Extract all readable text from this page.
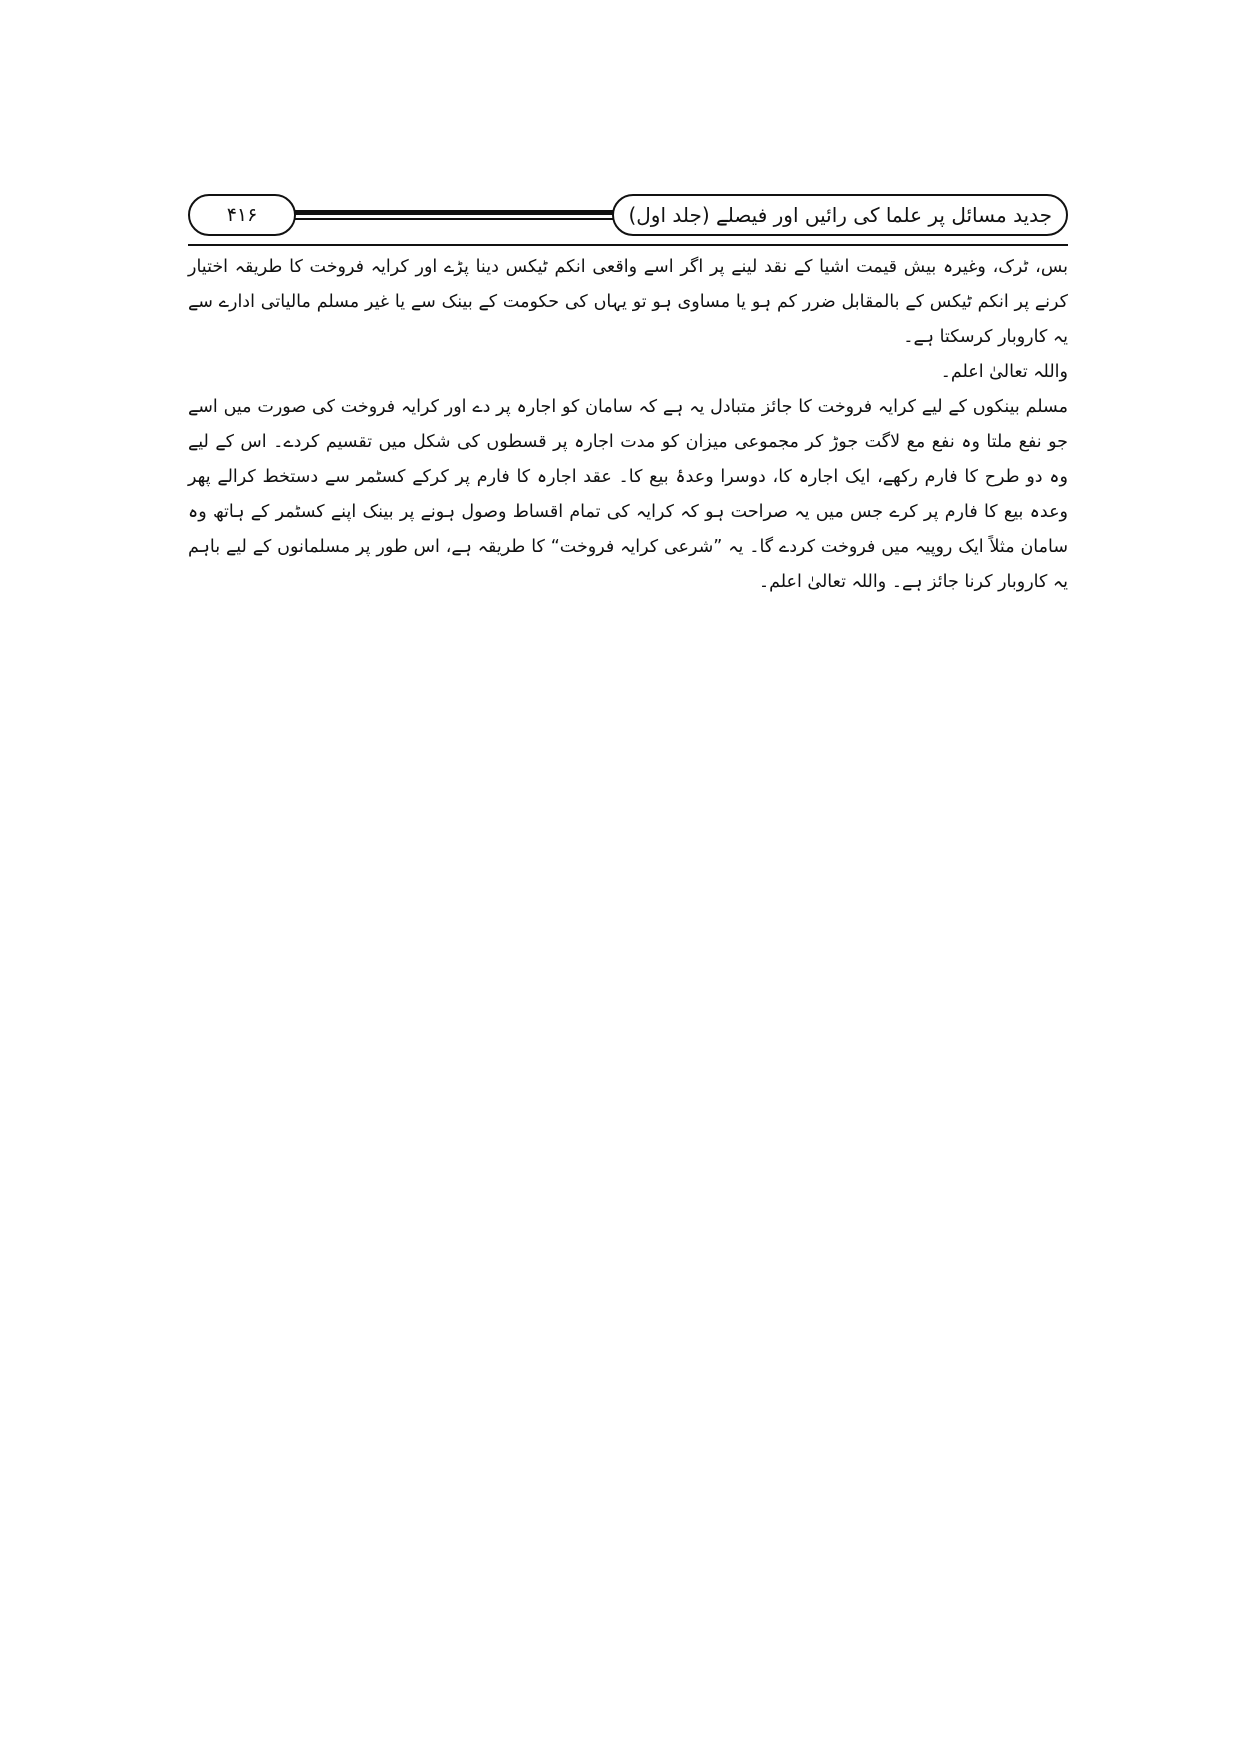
۴۱۶	جدید مسائل پر علما کی رائیں اور فیصلے (جلد اول)

بس، ٹرک، وغیرہ بیش قیمت اشیا کے نقد لینے پر اگر اسے واقعی انکم ٹیکس دینا پڑے اور کرایہ فروخت کا طریقہ اختیار کرنے پر انکم ٹیکس کے بالمقابل ضرر کم ہو یا مساوی ہو تو یہاں کی حکومت کے بینک سے یا غیر مسلم مالیاتی ادارے سے یہ کاروبار کرسکتا ہے۔

واللہ تعالیٰ اعلم۔

مسلم بینکوں کے لیے کرایہ فروخت کا جائز متبادل یہ ہے کہ سامان کو اجارہ پر دے اور کرایہ فروخت کی صورت میں اسے جو نفع ملتا وہ نفع مع لاگت جوڑ کر مجموعی میزان کو مدت اجارہ پر قسطوں کی شکل میں تقسیم کردے۔ اس کے لیے وہ دو طرح کا فارم رکھے، ایک اجارہ کا، دوسرا وعدۂ بیع کا۔ عقد اجارہ کا فارم پر کرکے کسٹمر سے دستخط کرالے پھر وعدہ بیع کا فارم پر کرے جس میں یہ صراحت ہو کہ کرایہ کی تمام اقساط وصول ہونے پر بینک اپنے کسٹمر کے ہاتھ وہ سامان مثلاً ایک روپیہ میں فروخت کردے گا۔ یہ ”شرعی کرایہ فروخت“ کا طریقہ ہے، اس طور پر مسلمانوں کے لیے باہم یہ کاروبار کرنا جائز ہے۔ واللہ تعالیٰ اعلم۔
